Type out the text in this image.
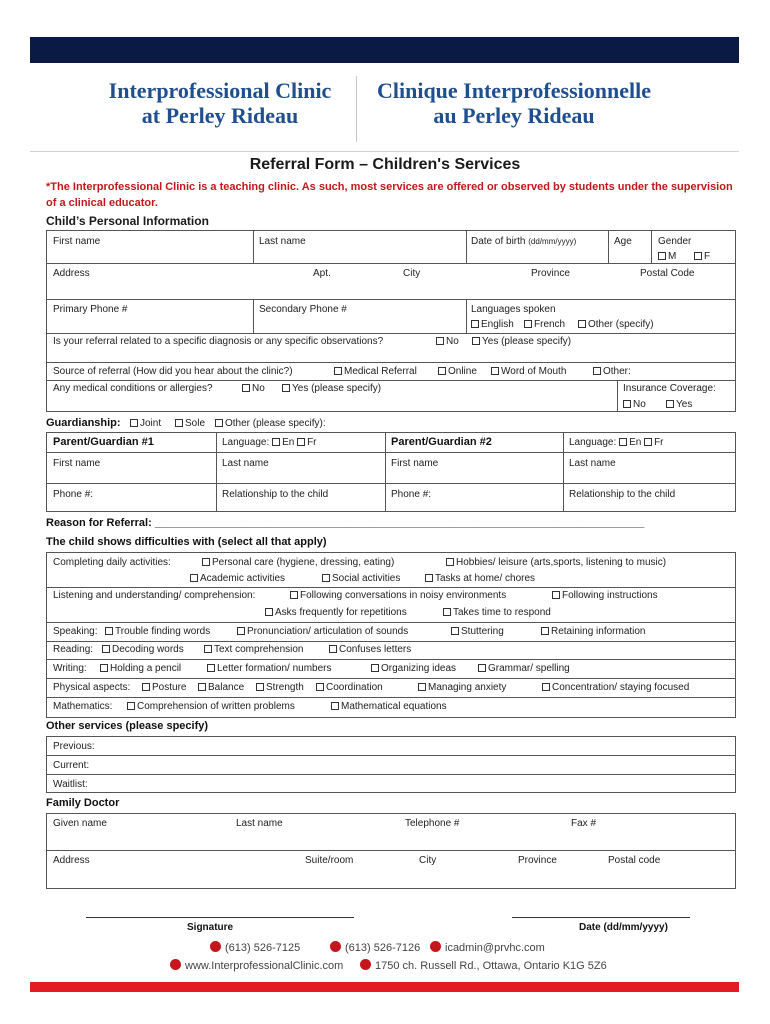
Interprofessional Clinic
at Perley Rideau
Clinique Interprofessionnelle
au Perley Rideau
Referral Form – Children's Services
*The Interprofessional Clinic is a teaching clinic. As such, most services are offered or observed by students under the supervision of a clinical educator.
Child’s Personal Information
First name	Last name	Date of birth (dd/mm/yyyy)	Age	Gender
M	F
Address	Apt.	City	Province	Postal Code
Primary Phone #	Secondary Phone #	Languages spoken
English	French	Other (specify)
Is your referral related to a specific diagnosis or any specific observations?	No	Yes (please specify)
Source of referral (How did you hear about the clinic?)	Medical Referral	Online	Word of Mouth	Other:
Any medical conditions or allergies?	No	Yes (please specify)	Insurance Coverage:
No	Yes
Guardianship:	Joint	Sole	Other (please specify):
Parent/Guardian #1	Language: En Fr	Parent/Guardian #2	Language: En Fr
First name	Last name	First name	Last name
Phone #:	Relationship to the child	Phone #:	Relationship to the child
Reason for Referral: ________________________________________________________________________________
The child shows difficulties with (select all that apply)
Completing daily activities:	Personal care (hygiene, dressing, eating)	Hobbies/ leisure (arts,sports, listening to music)
Academic activities	Social activities	Tasks at home/ chores
Listening and understanding/ comprehension:	Following conversations in noisy environments	Following instructions
Asks frequently for repetitions	Takes time to respond
Speaking:	Trouble finding words	Pronunciation/ articulation of sounds	Stuttering	Retaining information
Reading:	Decoding words	Text comprehension	Confuses letters
Writing:	Holding a pencil	Letter formation/ numbers	Organizing ideas	Grammar/ spelling
Physical aspects:	Posture	Balance	Strength	Coordination	Managing anxiety	Concentration/ staying focused
Mathematics:	Comprehension of written problems	Mathematical equations
Other services (please specify)
Previous:
Current:
Waitlist:
Family Doctor
Given name	Last name	Telephone #	Fax #
Address	Suite/room	City	Province	Postal code
Signature	Date (dd/mm/yyyy)
(613) 526-7125	(613) 526-7126	icadmin@prvhc.com
www.InterprofessionalClinic.com	1750 ch. Russell Rd., Ottawa, Ontario K1G 5Z6
